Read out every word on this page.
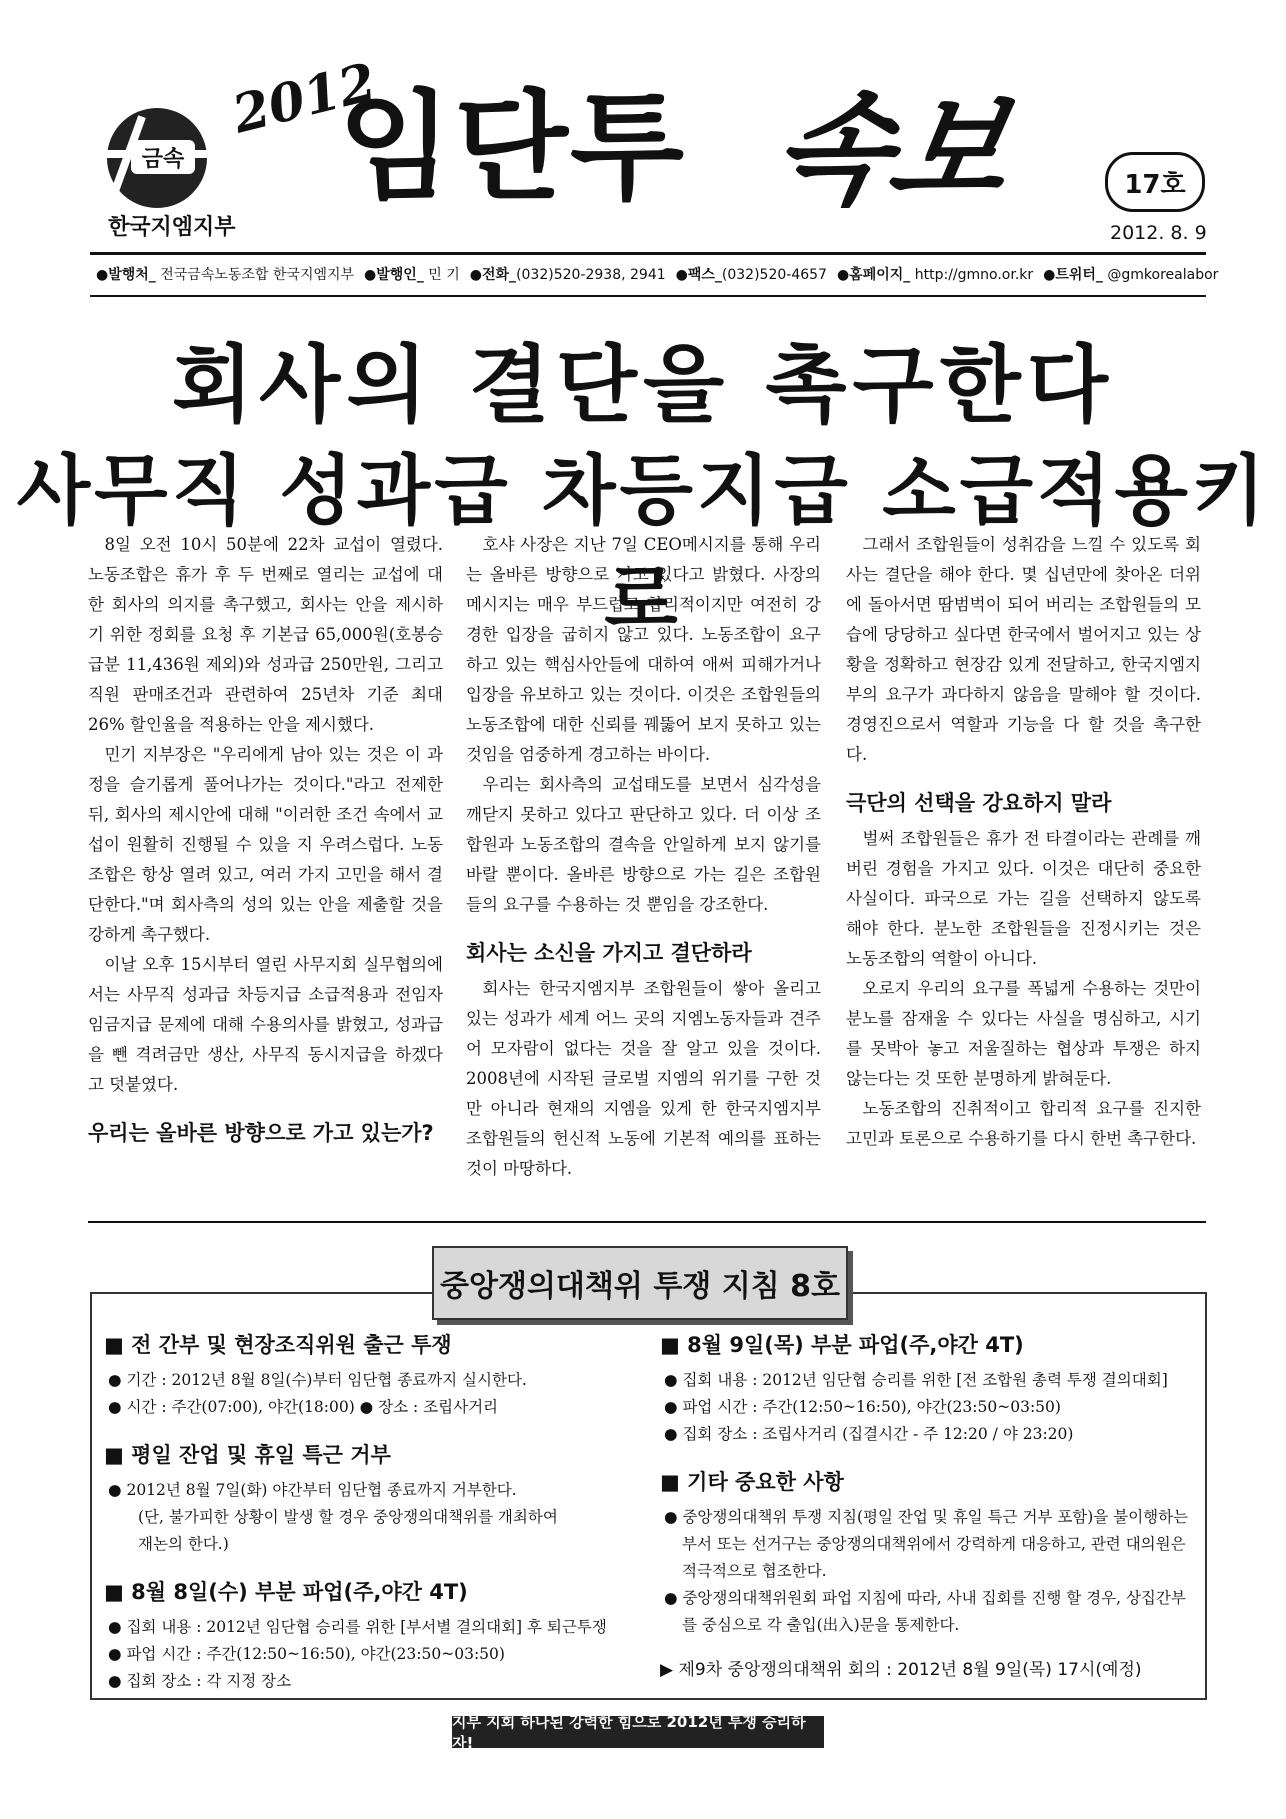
금속
2012
한국지엠지부
임단투 속보	17호
2012. 8. 9
●발행처_ 전국금속노동조합 한국지엠지부 ●발행인_ 민 기 ●전화_(032)520-2938, 2941 ●팩스_(032)520-4657 ●홈페이지_ http://gmno.or.kr ●트위터_ @gmkorealabor
회사의 결단을 촉구한다
사무직 성과급 차등지급 소급적용키로

8일 오전 10시 50분에 22차 교섭이 열렸다. 노동조합은 휴가 후 두 번째로 열리는 교섭에 대한 회사의 의지를 촉구했고, 회사는 안을 제시하기 위한 정회를 요청 후 기본급 65,000원(호봉승급분 11,436원 제외)와 성과급 250만원, 그리고 직원 판매조건과 관련하여 25년차 기준 최대 26% 할인율을 적용하는 안을 제시했다.

민기 지부장은 "우리에게 남아 있는 것은 이 과정을 슬기롭게 풀어나가는 것이다."라고 전제한 뒤, 회사의 제시안에 대해 "이러한 조건 속에서 교섭이 원활히 진행될 수 있을 지 우려스럽다. 노동조합은 항상 열려 있고, 여러 가지 고민을 해서 결단한다."며 회사측의 성의 있는 안을 제출할 것을 강하게 촉구했다.

이날 오후 15시부터 열린 사무지회 실무협의에서는 사무직 성과급 차등지급 소급적용과 전임자 임금지급 문제에 대해 수용의사를 밝혔고, 성과급을 뺀 격려금만 생산, 사무직 동시지급을 하겠다고 덧붙였다.

우리는 올바른 방향으로 가고 있는가?

호샤 사장은 지난 7일 CEO메시지를 통해 우리는 올바른 방향으로 가고 있다고 밝혔다. 사장의 메시지는 매우 부드럽고 합리적이지만 여전히 강경한 입장을 굽히지 않고 있다. 노동조합이 요구하고 있는 핵심사안들에 대하여 애써 피해가거나 입장을 유보하고 있는 것이다. 이것은 조합원들의 노동조합에 대한 신뢰를 꿰뚫어 보지 못하고 있는 것임을 엄중하게 경고하는 바이다.

우리는 회사측의 교섭태도를 보면서 심각성을 깨닫지 못하고 있다고 판단하고 있다. 더 이상 조합원과 노동조합의 결속을 안일하게 보지 않기를 바랄 뿐이다. 올바른 방향으로 가는 길은 조합원들의 요구를 수용하는 것 뿐임을 강조한다.

회사는 소신을 가지고 결단하라

회사는 한국지엠지부 조합원들이 쌓아 올리고 있는 성과가 세계 어느 곳의 지엠노동자들과 견주어 모자람이 없다는 것을 잘 알고 있을 것이다. 2008년에 시작된 글로벌 지엠의 위기를 구한 것만 아니라 현재의 지엠을 있게 한 한국지엠지부 조합원들의 헌신적 노동에 기본적 예의를 표하는 것이 마땅하다.

그래서 조합원들이 성취감을 느낄 수 있도록 회사는 결단을 해야 한다. 몇 십년만에 찾아온 더위에 돌아서면 땀범벅이 되어 버리는 조합원들의 모습에 당당하고 싶다면 한국에서 벌어지고 있는 상황을 정확하고 현장감 있게 전달하고, 한국지엠지부의 요구가 과다하지 않음을 말해야 할 것이다. 경영진으로서 역할과 기능을 다 할 것을 촉구한다.

극단의 선택을 강요하지 말라

벌써 조합원들은 휴가 전 타결이라는 관례를 깨버린 경험을 가지고 있다. 이것은 대단히 중요한 사실이다. 파국으로 가는 길을 선택하지 않도록 해야 한다. 분노한 조합원들을 진정시키는 것은 노동조합의 역할이 아니다.

오로지 우리의 요구를 폭넓게 수용하는 것만이 분노를 잠재울 수 있다는 사실을 명심하고, 시기를 못박아 놓고 저울질하는 협상과 투쟁은 하지 않는다는 것 또한 분명하게 밝혀둔다.

노동조합의 진취적이고 합리적 요구를 진지한 고민과 토론으로 수용하기를 다시 한번 촉구한다.

중앙쟁의대책위 투쟁 지침 8호
■ 전 간부 및 현장조직위원 출근 투쟁

● 기간 : 2012년 8월 8일(수)부터 임단협 종료까지 실시한다.

● 시간 : 주간(07:00), 야간(18:00) ● 장소 : 조립사거리

■ 평일 잔업 및 휴일 특근 거부

● 2012년 8월 7일(화) 야간부터 임단협 종료까지 거부한다.

(단, 불가피한 상황이 발생 할 경우 중앙쟁의대책위를 개최하여

재논의 한다.)

■ 8월 8일(수) 부분 파업(주,야간 4T)

● 집회 내용 : 2012년 임단협 승리를 위한 [부서별 결의대회] 후 퇴근투쟁

● 파업 시간 : 주간(12:50~16:50), 야간(23:50~03:50)

● 집회 장소 : 각 지정 장소

■ 8월 9일(목) 부분 파업(주,야간 4T)

● 집회 내용 : 2012년 임단협 승리를 위한 [전 조합원 총력 투쟁 결의대회]

● 파업 시간 : 주간(12:50~16:50), 야간(23:50~03:50)

● 집회 장소 : 조립사거리 (집결시간 - 주 12:20 / 야 23:20)

■ 기타 중요한 사항

● 중앙쟁의대책위 투쟁 지침(평일 잔업 및 휴일 특근 거부 포함)을 불이행하는 부서 또는 선거구는 중앙쟁의대책위에서 강력하게 대응하고, 관련 대의원은 적극적으로 협조한다.

● 중앙쟁의대책위원회 파업 지침에 따라, 사내 집회를 진행 할 경우, 상집간부를 중심으로 각 출입(出入)문을 통제한다.

▶ 제9차 중앙쟁의대책위 회의 : 2012년 8월 9일(목) 17시(예정)
지부 지회 하나된 강력한 힘으로 2012년 투쟁 승리하자!
